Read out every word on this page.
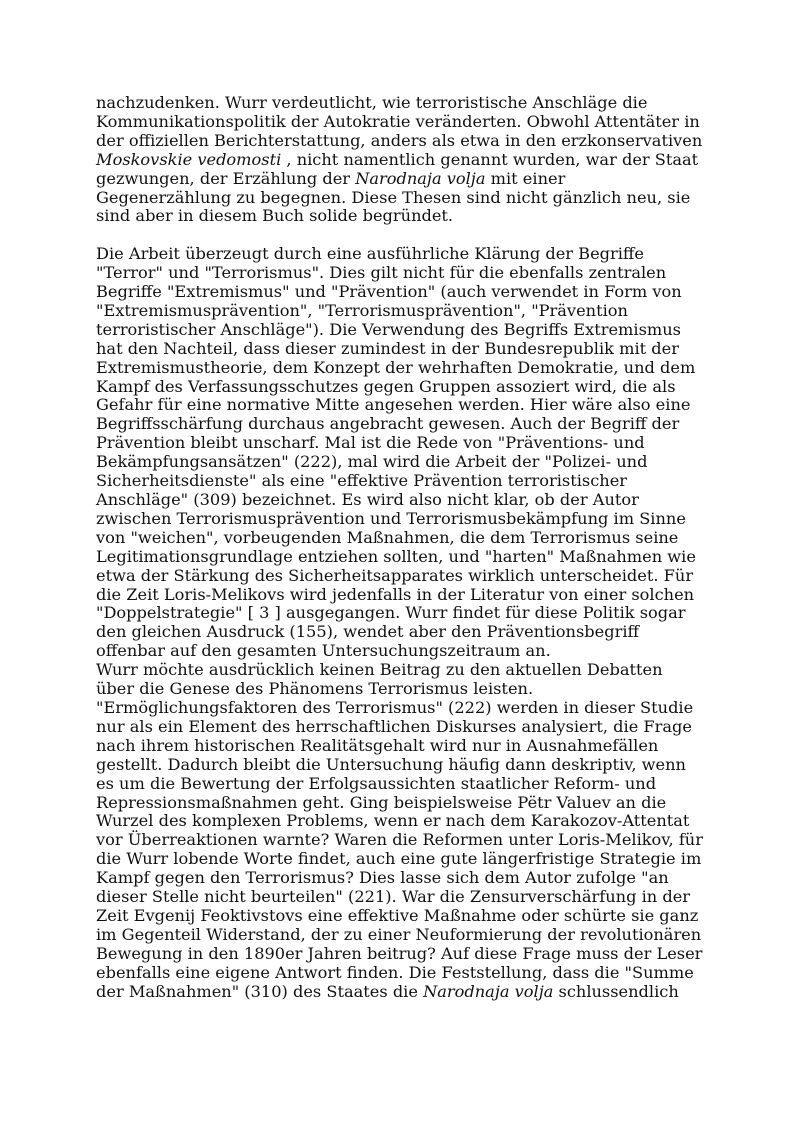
nachzudenken. Wurr verdeutlicht, wie terroristische Anschläge die
Kommunikationspolitik der Autokratie veränderten. Obwohl Attentäter in
der offiziellen Berichterstattung, anders als etwa in den erzkonservativen
Moskovskie vedomosti , nicht namentlich genannt wurden, war der Staat
gezwungen, der Erzählung der Narodnaja volja mit einer
Gegenerzählung zu begegnen. Diese Thesen sind nicht gänzlich neu, sie
sind aber in diesem Buch solide begründet.
Die Arbeit überzeugt durch eine ausführliche Klärung der Begriffe
"Terror" und "Terrorismus". Dies gilt nicht für die ebenfalls zentralen
Begriffe "Extremismus" und "Prävention" (auch verwendet in Form von
"Extremismusprävention", "Terrorismusprävention", "Prävention
terroristischer Anschläge"). Die Verwendung des Begriffs Extremismus
hat den Nachteil, dass dieser zumindest in der Bundesrepublik mit der
Extremismustheorie, dem Konzept der wehrhaften Demokratie, und dem
Kampf des Verfassungsschutzes gegen Gruppen assoziert wird, die als
Gefahr für eine normative Mitte angesehen werden. Hier wäre also eine
Begriffsschärfung durchaus angebracht gewesen. Auch der Begriff der
Prävention bleibt unscharf. Mal ist die Rede von "Präventions- und
Bekämpfungsansätzen" (222), mal wird die Arbeit der "Polizei- und
Sicherheitsdienste" als eine "effektive Prävention terroristischer
Anschläge" (309) bezeichnet. Es wird also nicht klar, ob der Autor
zwischen Terrorismusprävention und Terrorismusbekämpfung im Sinne
von "weichen", vorbeugenden Maßnahmen, die dem Terrorismus seine
Legitimationsgrundlage entziehen sollten, und "harten" Maßnahmen wie
etwa der Stärkung des Sicherheitsapparates wirklich unterscheidet. Für
die Zeit Loris-Melikovs wird jedenfalls in der Literatur von einer solchen
"Doppelstrategie" [ 3 ] ausgegangen. Wurr findet für diese Politik sogar
den gleichen Ausdruck (155), wendet aber den Präventionsbegriff
offenbar auf den gesamten Untersuchungszeitraum an.
Wurr möchte ausdrücklich keinen Beitrag zu den aktuellen Debatten
über die Genese des Phänomens Terrorismus leisten.
"Ermöglichungsfaktoren des Terrorismus" (222) werden in dieser Studie
nur als ein Element des herrschaftlichen Diskurses analysiert, die Frage
nach ihrem historischen Realitätsgehalt wird nur in Ausnahmefällen
gestellt. Dadurch bleibt die Untersuchung häufig dann deskriptiv, wenn
es um die Bewertung der Erfolgsaussichten staatlicher Reform- und
Repressionsmaßnahmen geht. Ging beispielsweise Pëtr Valuev an die
Wurzel des komplexen Problems, wenn er nach dem Karakozov-Attentat
vor Überreaktionen warnte? Waren die Reformen unter Loris-Melikov, für
die Wurr lobende Worte findet, auch eine gute längerfristige Strategie im
Kampf gegen den Terrorismus? Dies lasse sich dem Autor zufolge "an
dieser Stelle nicht beurteilen" (221). War die Zensurverschärfung in der
Zeit Evgenij Feoktivstovs eine effektive Maßnahme oder schürte sie ganz
im Gegenteil Widerstand, der zu einer Neuformierung der revolutionären
Bewegung in den 1890er Jahren beitrug? Auf diese Frage muss der Leser
ebenfalls eine eigene Antwort finden. Die Feststellung, dass die "Summe
der Maßnahmen" (310) des Staates die Narodnaja volja schlussendlich
